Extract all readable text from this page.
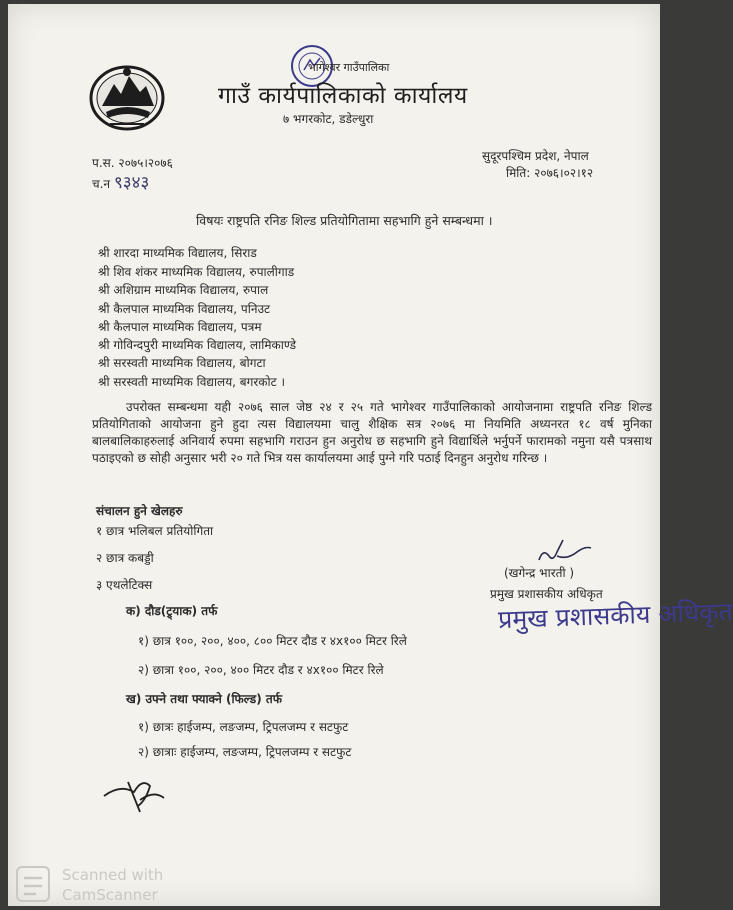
भागेश्वर गाउँपालिका
गाउँ कार्यपालिकाको कार्यालय
७ भगरकोट, डडेल्धुरा
प.स. २०७५।२०७६
च.न ९३४३
सुदूरपश्चिम प्रदेश, नेपाल
मिति: २०७६।०२।१२
विषयः राष्ट्रपति रनिङ शिल्ड प्रतियोगितामा सहभागि हुने सम्बन्धमा ।
श्री शारदा माध्यमिक विद्यालय, सिराड
श्री शिव शंकर माध्यमिक विद्यालय, रुपालीगाड
श्री अशिग्राम माध्यमिक विद्यालय, रुपाल
श्री कैलपाल माध्यमिक विद्यालय, पनिउट
श्री कैलपाल माध्यमिक विद्यालय, पत्रम
श्री गोविन्दपुरी माध्यमिक विद्यालय, लामिकाण्डे
श्री सरस्वती माध्यमिक विद्यालय, बोगटा
श्री सरस्वती माध्यमिक विद्यालय, बगरकोट ।
उपरोक्त सम्बन्धमा यही २०७६ साल जेष्ठ २४ र २५ गते भागेश्वर गाउँपालिकाको आयोजनामा राष्ट्रपति रनिङ शिल्ड प्रतियोगिताको आयोजना हुने हुदा त्यस विद्यालयमा चालु शैक्षिक सत्र २०७६ मा नियमिति अध्यनरत १८ वर्ष मुनिका बालबालिकाहरुलाई अनिवार्य रुपमा सहभागि गराउन हुन अनुरोध छ सहभागि हुने विद्यार्थिले भर्नुपर्ने फारामको नमुना यसै पत्रसाथ पठाइएको छ सोही अनुसार भरी २० गते भित्र यस कार्यालयमा आई पुग्ने गरि पठाई दिनहुन अनुरोध गरिन्छ ।
संचालन हुने खेलहरु
१ छात्र भलिबल प्रतियोगिता
२ छात्र कबड्डी
३ एथलेटिक्स
क) दौड(ट्र्याक) तर्फ
१) छात्र १००, २००, ४००, ८०० मिटर दौड र ४x१०० मिटर रिले
२) छात्रा १००, २००, ४०० मिटर दौड र ४x१०० मिटर रिले
ख) उफ्ने तथा फ्याक्ने (फिल्ड) तर्फ
१) छात्रः हाईजम्प, लङजम्प, ट्रिपलजम्प र सटफुट
२) छात्राः हाईजम्प, लङजम्प, ट्रिपलजम्प र सटफुट
(खगेन्द्र भारती )
प्रमुख प्रशासकीय अधिकृत
प्रमुख प्रशासकीय अधिकृत
Scanned with
CamScanner
